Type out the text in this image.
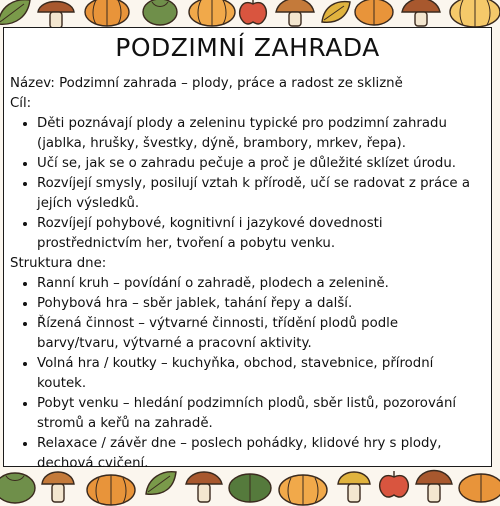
PODZIMNÍ ZAHRADA

Název: Podzimní zahrada – plody, práce a radost ze sklizně

Cíl:

• Děti poznávají plody a zeleninu typické pro podzimní zahradu (jablka, hrušky, švestky, dýně, brambory, mrkev, řepa).
• Učí se, jak se o zahradu pečuje a proč je důležité sklízet úrodu.
• Rozvíjejí smysly, posilují vztah k přírodě, učí se radovat z práce a jejích výsledků.
• Rozvíjejí pohybové, kognitivní i jazykové dovednosti prostřednictvím her, tvoření a pobytu venku.

Struktura dne:

• Ranní kruh – povídání o zahradě, plodech a zelenině.
• Pohybová hra – sběr jablek, tahání řepy a další.
• Řízená činnost – výtvarné činnosti, třídění plodů podle barvy/tvaru, výtvarné a pracovní aktivity.
• Volná hra / koutky – kuchyňka, obchod, stavebnice, přírodní koutek.
• Pobyt venku – hledání podzimních plodů, sběr listů, pozorování stromů a keřů na zahradě.
• Relaxace / závěr dne – poslech pohádky, klidové hry s plody, dechová cvičení.
